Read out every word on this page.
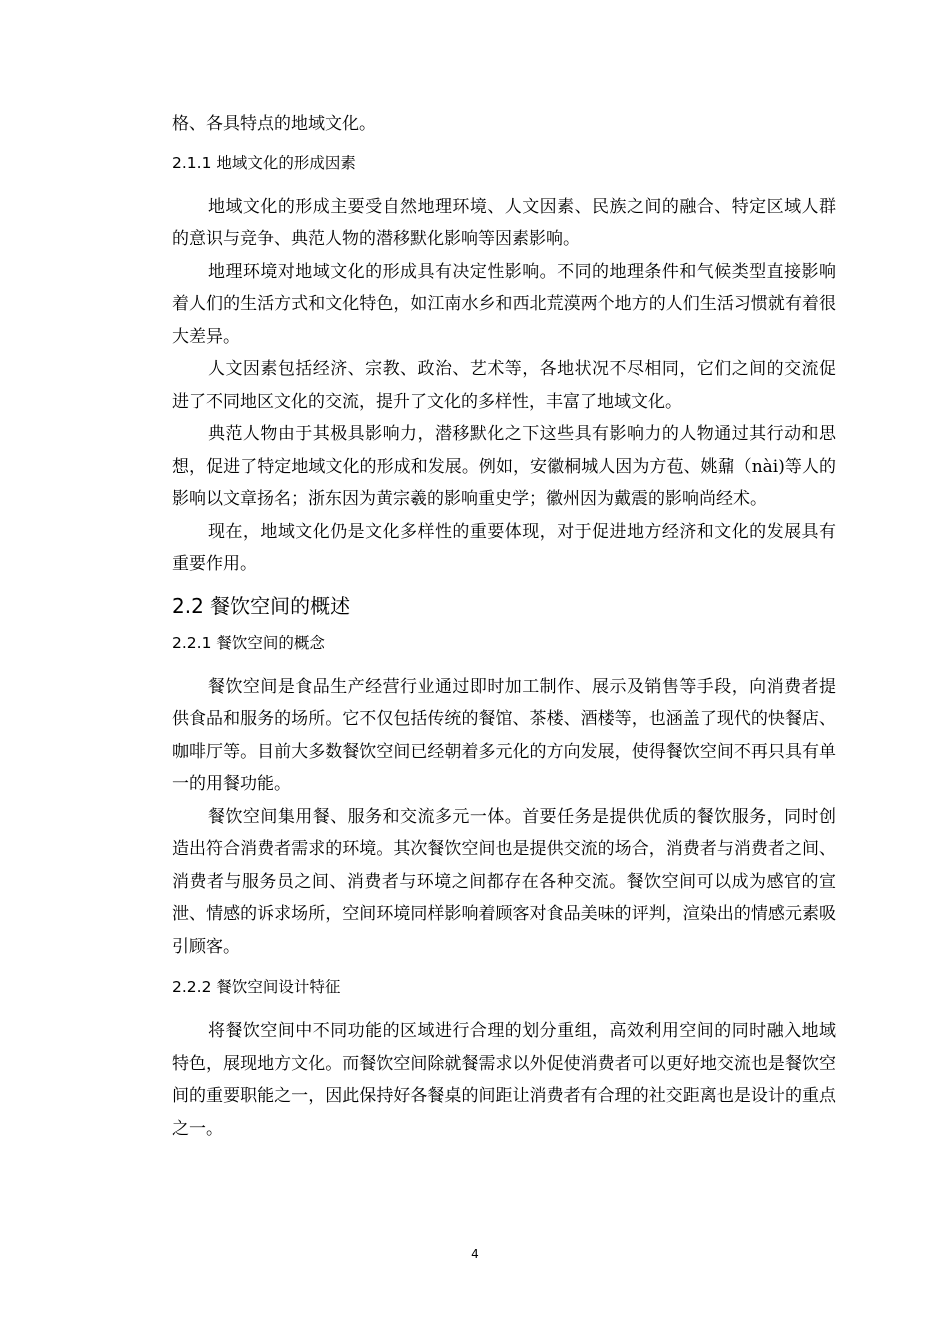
格、各具特点的地域文化。

2.1.1 地域文化的形成因素

地域文化的形成主要受自然地理环境、人文因素、民族之间的融合、特定区域人群的意识与竞争、典范人物的潜移默化影响等因素影响。

地理环境对地域文化的形成具有决定性影响。不同的地理条件和气候类型直接影响着人们的生活方式和文化特色，如江南水乡和西北荒漠两个地方的人们生活习惯就有着很大差异。

人文因素包括经济、宗教、政治、艺术等，各地状况不尽相同，它们之间的交流促进了不同地区文化的交流，提升了文化的多样性，丰富了地域文化。

典范人物由于其极具影响力，潜移默化之下这些具有影响力的人物通过其行动和思想，促进了特定地域文化的形成和发展。例如，安徽桐城人因为方苞、姚鼐（nài)等人的影响以文章扬名；浙东因为黄宗羲的影响重史学；徽州因为戴震的影响尚经术。

现在，地域文化仍是文化多样性的重要体现，对于促进地方经济和文化的发展具有重要作用。

2.2 餐饮空间的概述
2.2.1 餐饮空间的概念

餐饮空间是食品生产经营行业通过即时加工制作、展示及销售等手段，向消费者提供食品和服务的场所。它不仅包括传统的餐馆、茶楼、酒楼等，也涵盖了现代的快餐店、咖啡厅等。目前大多数餐饮空间已经朝着多元化的方向发展，使得餐饮空间不再只具有单一的用餐功能。

餐饮空间集用餐、服务和交流多元一体。首要任务是提供优质的餐饮服务，同时创造出符合消费者需求的环境。其次餐饮空间也是提供交流的场合，消费者与消费者之间、消费者与服务员之间、消费者与环境之间都存在各种交流。餐饮空间可以成为感官的宣泄、情感的诉求场所，空间环境同样影响着顾客对食品美味的评判，渲染出的情感元素吸引顾客。

2.2.2 餐饮空间设计特征

将餐饮空间中不同功能的区域进行合理的划分重组，高效利用空间的同时融入地域特色，展现地方文化。而餐饮空间除就餐需求以外促使消费者可以更好地交流也是餐饮空间的重要职能之一，因此保持好各餐桌的间距让消费者有合理的社交距离也是设计的重点之一。

4
